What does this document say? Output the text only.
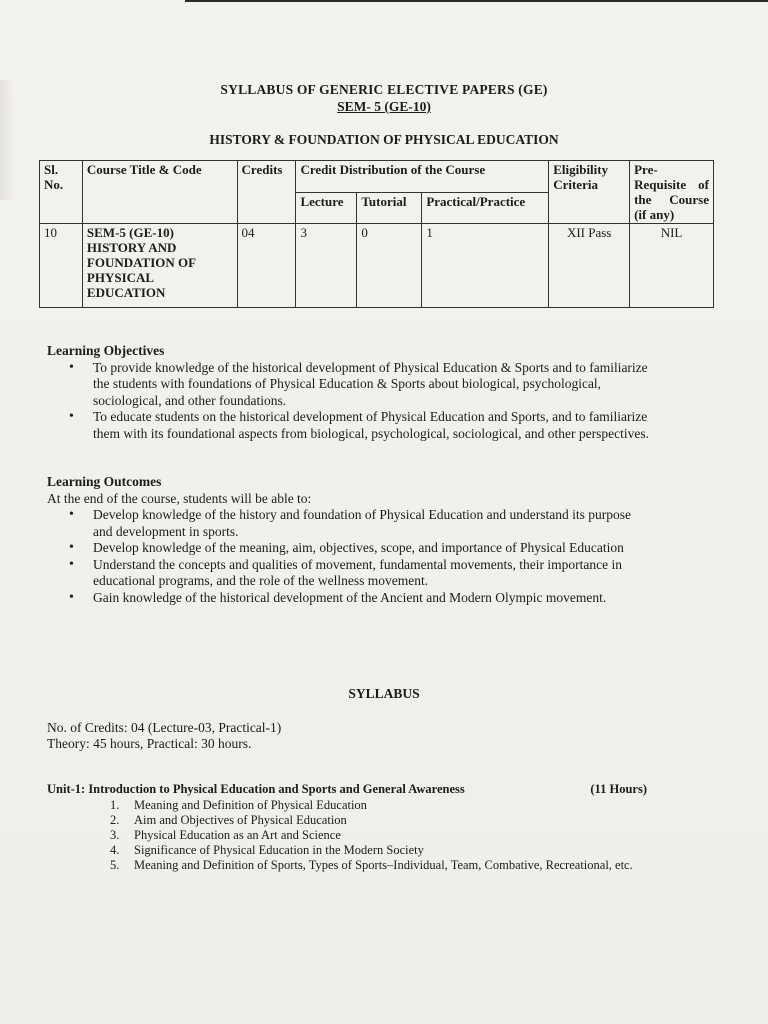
SYLLABUS OF GENERIC ELECTIVE PAPERS (GE)
SEM- 5 (GE-10)
HISTORY & FOUNDATION OF PHYSICAL EDUCATION
Sl. No.	Course Title & Code	Credits	Credit Distribution of the Course			Eligibility Criteria	Pre-Requisite of the Course (if any)
			Lecture	Tutorial	Practical/Practice		
10	SEM-5 (GE-10) HISTORY AND FOUNDATION OF PHYSICAL EDUCATION	04	3	0	1	XII Pass	NIL
Learning Objectives
• To provide knowledge of the historical development of Physical Education & Sports and to familiarize the students with foundations of Physical Education & Sports about biological, psychological, sociological, and other foundations.
• To educate students on the historical development of Physical Education and Sports, and to familiarize them with its foundational aspects from biological, psychological, sociological, and other perspectives.
Learning Outcomes
At the end of the course, students will be able to:
• Develop knowledge of the history and foundation of Physical Education and understand its purpose and development in sports.
• Develop knowledge of the meaning, aim, objectives, scope, and importance of Physical Education
• Understand the concepts and qualities of movement, fundamental movements, their importance in educational programs, and the role of the wellness movement.
• Gain knowledge of the historical development of the Ancient and Modern Olympic movement.
SYLLABUS
No. of Credits: 04 (Lecture-03, Practical-1)
Theory: 45 hours, Practical: 30 hours.
Unit-1: Introduction to Physical Education and Sports and General Awareness	(11 Hours)
1. Meaning and Definition of Physical Education
2. Aim and Objectives of Physical Education
3. Physical Education as an Art and Science
4. Significance of Physical Education in the Modern Society
5. Meaning and Definition of Sports, Types of Sports–Individual, Team, Combative, Recreational, etc.
